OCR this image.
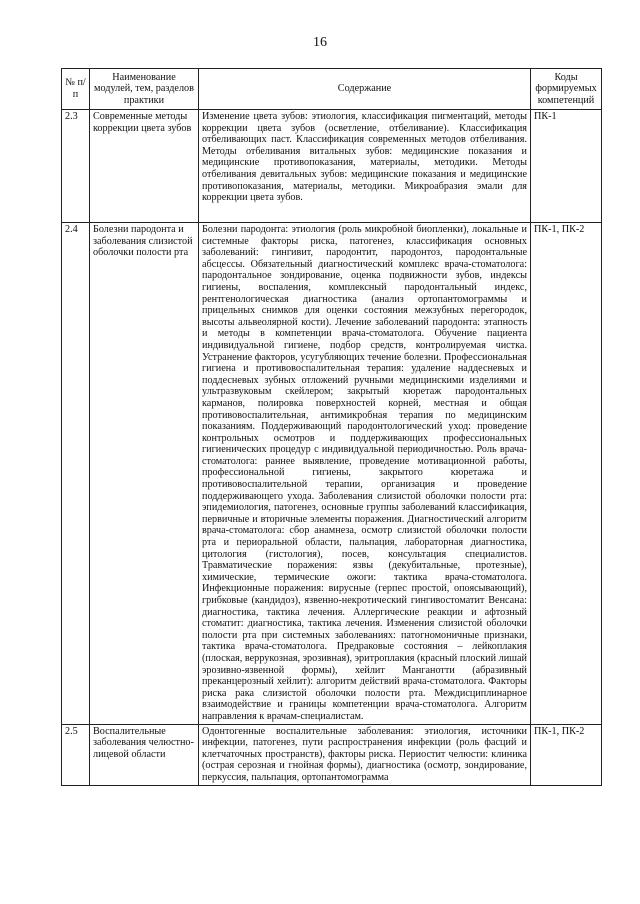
16
№ п/п	Наименование модулей, тем, разделов практики	Содержание	Коды формируемых компетенций
2.3	Современные методы коррекции цвета зубов	Изменение цвета зубов: этиология, классификация пигментаций, методы коррекции цвета зубов (осветление, отбеливание). Классификация отбеливающих паст. Классификация современных методов отбеливания. Методы отбеливания витальных зубов: медицинские показания и медицинские противопоказания, материалы, методики. Методы отбеливания девитальных зубов: медицинские показания и медицинские противопоказания, материалы, методики. Микроабразия эмали для коррекции цвета зубов.	ПК-1
2.4	Болезни пародонта и заболевания слизистой оболочки полости рта	Болезни пародонта: этиология (роль микробной биопленки), локальные и системные факторы риска, патогенез, классификация основных заболеваний: гингивит, пародонтит, пародонтоз, пародонтальные абсцессы. Обязательный диагностический комплекс врача-стоматолога: пародонтальное зондирование, оценка подвижности зубов, индексы гигиены, воспаления, комплексный пародонтальный индекс, рентгенологическая диагностика (анализ ортопантомограммы и прицельных снимков для оценки состояния межзубных перегородок, высоты альвеолярной кости). Лечение заболеваний пародонта: этапность и методы в компетенции врача-стоматолога. Обучение пациента индивидуальной гигиене, подбор средств, контролируемая чистка. Устранение факторов, усугубляющих течение болезни. Профессиональная гигиена и противовоспалительная терапия: удаление наддесневых и поддесневых зубных отложений ручными медицинскими изделиями и ультразвуковым скейлером; закрытый кюретаж пародонтальных карманов, полировка поверхностей корней, местная и общая противовоспалительная, антимикробная терапия по медицинским показаниям. Поддерживающий пародонтологический уход: проведение контрольных осмотров и поддерживающих профессиональных гигиенических процедур с индивидуальной периодичностью. Роль врача-стоматолога: раннее выявление, проведение мотивационной работы, профессиональной гигиены, закрытого кюретажа и противовоспалительной терапии, организация и проведение поддерживающего ухода. Заболевания слизистой оболочки полости рта: эпидемиология, патогенез, основные группы заболеваний классификация, первичные и вторичные элементы поражения. Диагностический алгоритм врача-стоматолога: сбор анамнеза, осмотр слизистой оболочки полости рта и периоральной области, пальпация, лабораторная диагностика, цитология (гистология), посев, консультация специалистов. Травматические поражения: язвы (декубитальные, протезные), химические, термические ожоги: тактика врача-стоматолога. Инфекционные поражения: вирусные (герпес простой, опоясывающий), грибковые (кандидоз), язвенно-некротический гингивостоматит Венсана: диагностика, тактика лечения. Аллергические реакции и афтозный стоматит: диагностика, тактика лечения. Изменения слизистой оболочки полости рта при системных заболеваниях: патогномоничные признаки, тактика врача-стоматолога. Предраковые состояния – лейкоплакия (плоская, веррукозная, эрозивная), эритроплакия (красный плоский лишай эрозивно-язвенной формы), хейлит Манганотти (абразивный преканцерозный хейлит): алгоритм действий врача-стоматолога. Факторы риска рака слизистой оболочки полости рта. Междисциплинарное взаимодействие и границы компетенции врача-стоматолога. Алгоритм направления к врачам-специалистам.	ПК-1, ПК-2
2.5	Воспалительные заболевания челюстно-лицевой области	Одонтогенные воспалительные заболевания: этиология, источники инфекции, патогенез, пути распространения инфекции (роль фасций и клетчаточных пространств), факторы риска. Периостит челюсти: клиника (острая серозная и гнойная формы), диагностика (осмотр, зондирование, перкуссия, пальпация, ортопантомограмма	ПК-1, ПК-2
